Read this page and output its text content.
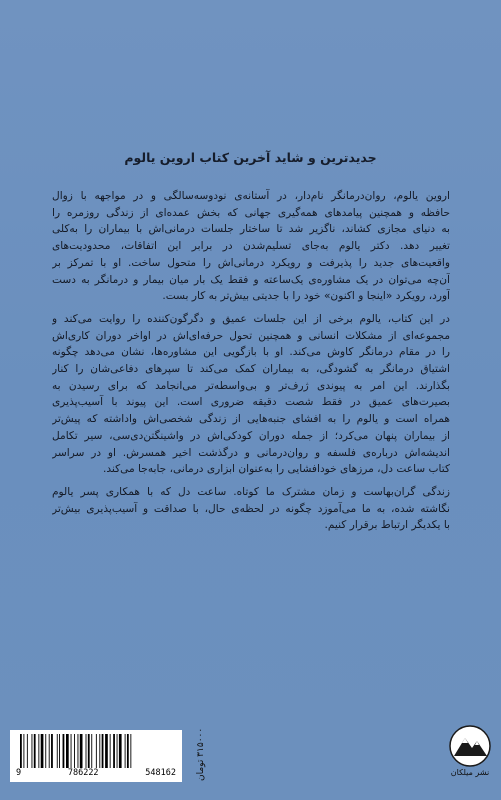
جدیدترین و شاید آخرین کتاب اروین یالوم
اروین یالوم، روان‌درمانگر نام‌دار، در آستانه‌ی نودوسه‌سالگی و در مواجهه با زوال
حافظه و همچنین پیامدهای همه‌گیری جهانی که بخش عمده‌ای از زندگی روزمره را
به دنیای مجازی کشاند، ناگزیر شد تا ساختار جلسات درمانی‌اش با بیماران را به‌کلی
تغییر دهد. دکتر یالوم به‌جای تسلیم‌شدن در برابر این اتفاقات، محدودیت‌های
واقعیت‌های جدید را پذیرفت و رویکرد درمانی‌اش را متحول ساخت. او با تمرکز بر
آن‌چه می‌توان در یک مشاوره‌ی یک‌ساعته و فقط یک بار میان بیمار و درمانگر به دست
آورد، رویکرد «اینجا و اکنون» خود را با جدیتی بیش‌تر به کار بست.
در این کتاب، یالوم برخی از این جلسات عمیق و دگرگون‌کننده را روایت می‌کند و
مجموعه‌ای از مشکلات انسانی و همچنین تحول حرفه‌ای‌اش در اواخر دوران کاری‌اش
را در مقام درمانگر کاوش می‌کند. او با بازگویی این مشاوره‌ها، نشان می‌دهد چگونه
اشتیاق درمانگر به گشودگی، به بیماران کمک می‌کند تا سپرهای دفاعی‌شان را کنار
بگذارند. این امر به پیوندی ژرف‌تر و بی‌واسطه‌تر می‌انجامد که برای رسیدن به
بصیرت‌های عمیق در فقط شصت دقیقه ضروری است. این پیوند با آسیب‌پذیری
همراه است و یالوم را به افشای جنبه‌هایی از زندگی شخصی‌اش واداشته که پیش‌تر
از بیماران پنهان می‌کرد؛ از جمله دوران کودکی‌اش در واشینگتن‌دی‌سی، سیر تکامل
اندیشه‌اش درباره‌ی فلسفه و روان‌درمانی و درگذشت اخیر همسرش. او در سراسر
کتاب ساعت دل، مرزهای خودافشایی را به‌عنوان ابزاری درمانی، جابه‌جا می‌کند.
زندگی گران‌بهاست و زمان مشترک ما کوتاه. ساعت دل که با همکاری پسر یالوم
نگاشته شده، به ما می‌آموزد چگونه در لحظه‌ی حال، با صداقت و آسیب‌پذیری بیش‌تر
با یکدیگر ارتباط برقرار کنیم.
9	786222	548162 ۳۱۵۰۰۰ تومان
نشر میلکان
